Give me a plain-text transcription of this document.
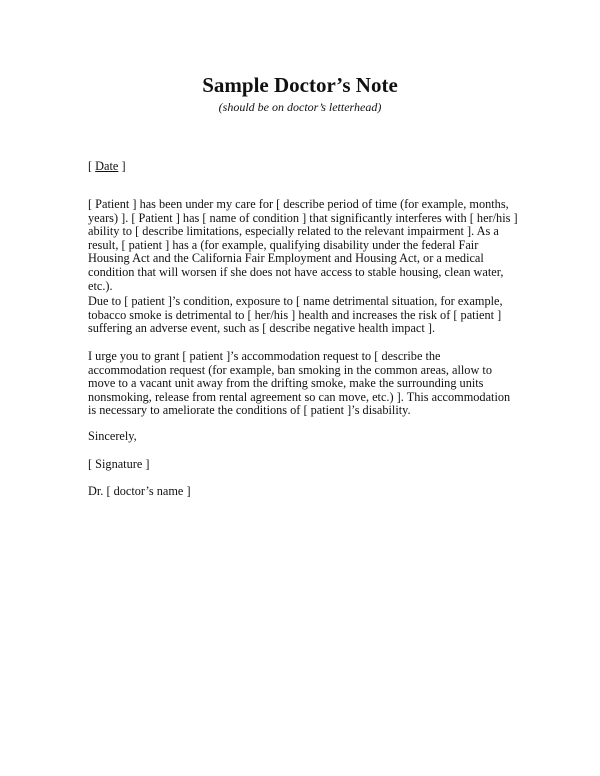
Sample Doctor’s Note
(should be on doctor’s letterhead)
[ Date ]

[ Patient ] has been under my care for [ describe period of time (for example, months, years) ]. [ Patient ] has [ name of condition ] that significantly interferes with [ her/his ] ability to [ describe limitations, especially related to the relevant impairment ]. As a result, [ patient ] has a (for example, qualifying disability under the federal Fair Housing Act and the California Fair Employment and Housing Act, or a medical condition that will worsen if she does not have access to stable housing, clean water, etc.).

Due to [ patient ]’s condition, exposure to [ name detrimental situation, for example, tobacco smoke is detrimental to [ her/his ] health and increases the risk of [ patient ] suffering an adverse event, such as [ describe negative health impact ].

I urge you to grant [ patient ]’s accommodation request to [ describe the accommodation request (for example, ban smoking in the common areas, allow to move to a vacant unit away from the drifting smoke, make the surrounding units nonsmoking, release from rental agreement so can move, etc.) ]. This accommodation is necessary to ameliorate the conditions of [ patient ]’s disability.

Sincerely,

[ Signature ]

Dr. [ doctor’s name ]
